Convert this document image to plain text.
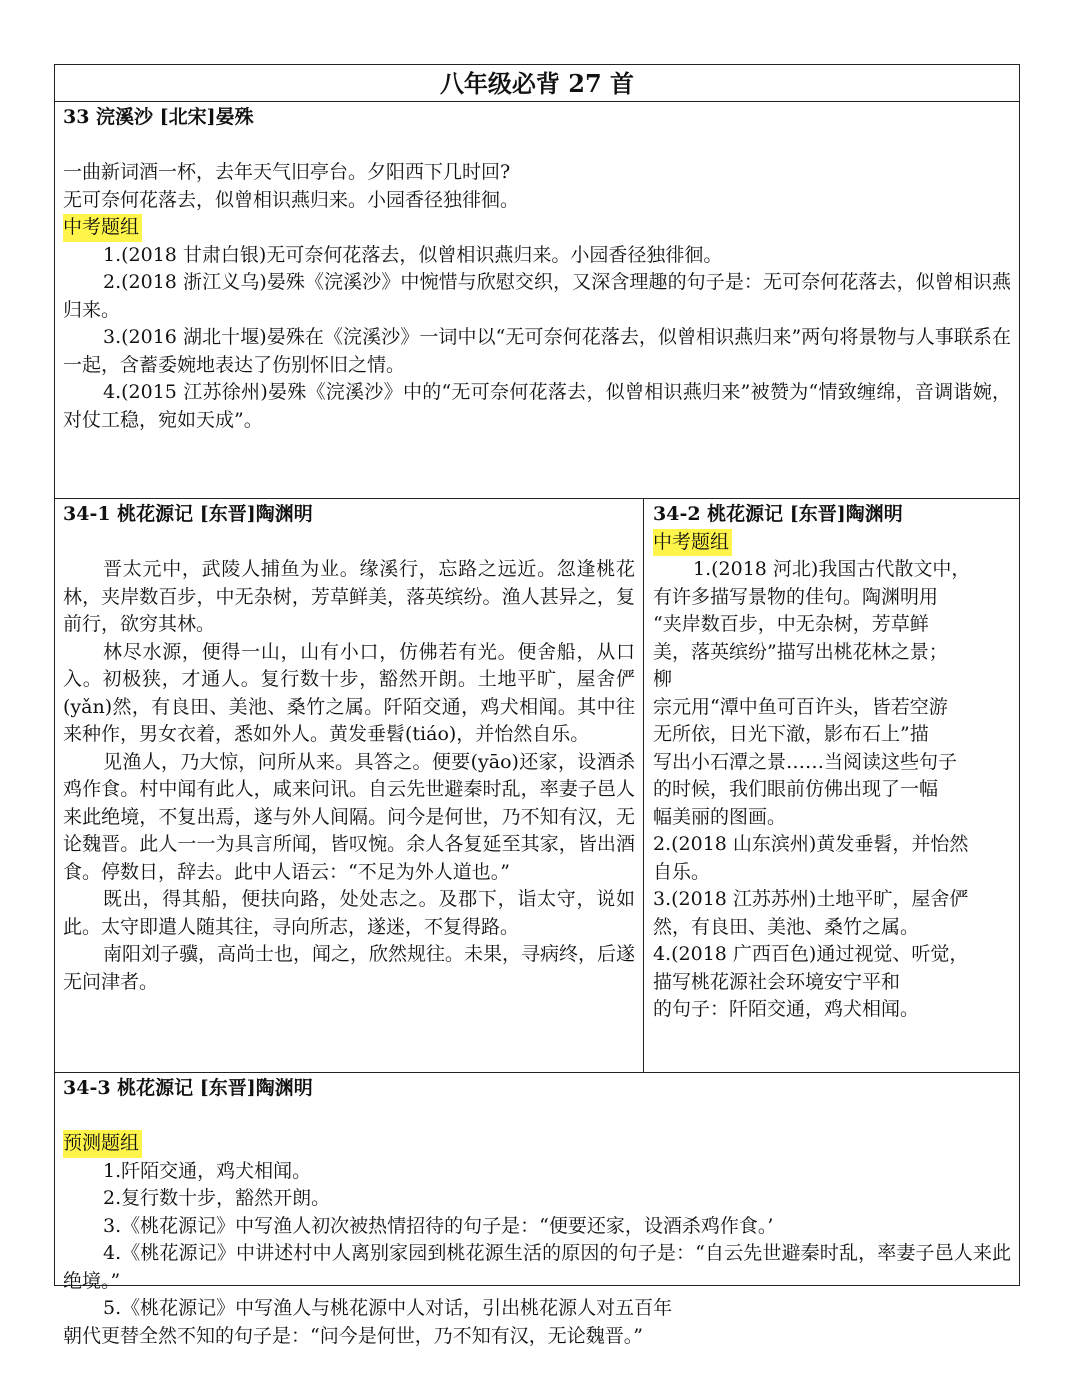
八年级必背 27 首
33 浣溪沙 [北宋]晏殊
一曲新词酒一杯，去年天气旧亭台。夕阳西下几时回?
无可奈何花落去，似曾相识燕归来。小园香径独徘徊。
中考题组
1.(2018 甘肃白银)无可奈何花落去，似曾相识燕归来。小园香径独徘徊。
2.(2018 浙江义乌)晏殊《浣溪沙》中惋惜与欣慰交织，又深含理趣的句子是：无可奈何花落去，似曾相识燕归来。
3.(2016 湖北十堰)晏殊在《浣溪沙》一词中以“无可奈何花落去，似曾相识燕归来”两句将景物与人事联系在一起，含蓄委婉地表达了伤别怀旧之情。
4.(2015 江苏徐州)晏殊《浣溪沙》中的“无可奈何花落去，似曾相识燕归来”被赞为“情致缠绵，音调谐婉，对仗工稳，宛如天成”。
34-1 桃花源记 [东晋]陶渊明
晋太元中，武陵人捕鱼为业。缘溪行，忘路之远近。忽逢桃花林，夹岸数百步，中无杂树，芳草鲜美，落英缤纷。渔人甚异之，复前行，欲穷其林。
林尽水源，便得一山，山有小口，仿佛若有光。便舍船，从口入。初极狭，才通人。复行数十步，豁然开朗。土地平旷，屋舍俨(yǎn)然，有良田、美池、桑竹之属。阡陌交通，鸡犬相闻。其中往来种作，男女衣着，悉如外人。黄发垂髫(tiáo)，并怡然自乐。
见渔人，乃大惊，问所从来。具答之。便要(yāo)还家，设酒杀鸡作食。村中闻有此人，咸来问讯。自云先世避秦时乱，率妻子邑人来此绝境，不复出焉，遂与外人间隔。问今是何世，乃不知有汉，无论魏晋。此人一一为具言所闻，皆叹惋。余人各复延至其家，皆出酒食。停数日，辞去。此中人语云：“不足为外人道也。”
既出，得其船，便扶向路，处处志之。及郡下，诣太守，说如此。太守即遣人随其往，寻向所志，遂迷，不复得路。
南阳刘子骥，高尚士也，闻之，欣然规往。未果，寻病终，后遂无问津者。
34-2 桃花源记 [东晋]陶渊明
中考题组
1.(2018 河北)我国古代散文中，
有许多描写景物的佳句。陶渊明用
“夹岸数百步，中无杂树，芳草鲜
美，落英缤纷”描写出桃花林之景；
柳
宗元用“潭中鱼可百许头，皆若空游
无所依，日光下澈，影布石上”描
写出小石潭之景……当阅读这些句子
的时候，我们眼前仿佛出现了一幅
幅美丽的图画。
2.(2018 山东滨州)黄发垂髫，并怡然
自乐。
3.(2018 江苏苏州)土地平旷，屋舍俨
然，有良田、美池、桑竹之属。
4.(2018 广西百色)通过视觉、听觉，
描写桃花源社会环境安宁平和
的句子：阡陌交通，鸡犬相闻。
34-3 桃花源记 [东晋]陶渊明
预测题组
1.阡陌交通，鸡犬相闻。
2.复行数十步，豁然开朗。
3.《桃花源记》中写渔人初次被热情招待的句子是：“便要还家，设酒杀鸡作食。’
4.《桃花源记》中讲述村中人离别家园到桃花源生活的原因的句子是：“自云先世避秦时乱，率妻子邑人来此绝境。”
5.《桃花源记》中写渔人与桃花源中人对话，引出桃花源人对五百年
朝代更替全然不知的句子是：“问今是何世，乃不知有汉，无论魏晋。”
